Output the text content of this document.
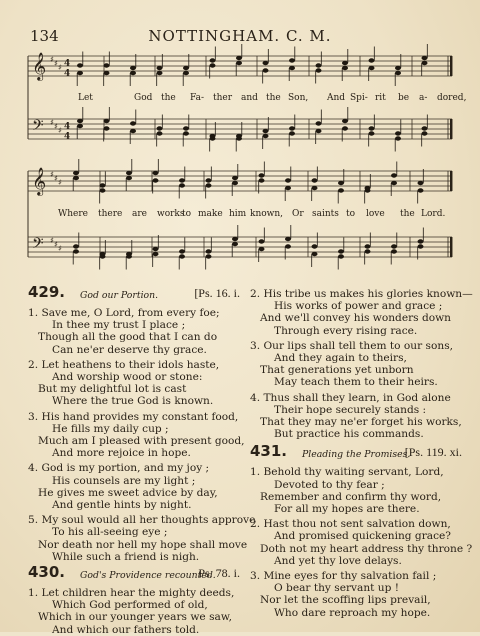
134	NOTTINGHAM. C. M.
𝄞
𝄢
♯ ♯ ♯ 4
4
♯ ♯ ♯ 4
4
𝄞
𝄢
♯ ♯ ♯
♯ ♯ ♯
Let	God the Fa- ther and the Son, And Spi- rit be a- dored,
Where there are works
to make him known, Or saints to love the Lord.
429. God our Portion.	[Ps. 16. i.
1. Save me, O Lord, from every foe;
In thee my trust I place ;
Though all the good that I can do
Can ne'er deserve thy grace.
2. Let heathens to their idols haste,
And worship wood or stone:
But my delightful lot is cast
Where the true God is known.
3. His hand provides my constant food,
He fills my daily cup ;
Much am I pleased with present good,
And more rejoice in hope.
4. God is my portion, and my joy ;
His counsels are my light ;
He gives me sweet advice by day,
And gentle hints by night.
5. My soul would all her thoughts approve
To his all-seeing eye ;
Nor death nor hell my hope shall move
While such a friend is nigh.
430. God's Providence recounted.
Ps. 78. i.
1. Let children hear the mighty deeds,
Which God performed of old,
Which in our younger years we saw,
And which our fathers told.
2. His tribe us makes his glories known—
His works of power and grace ;
And we'll convey his wonders down
Through every rising race.
3. Our lips shall tell them to our sons,
And they again to theirs,
That generations yet unborn
May teach them to their heirs.
4. Thus shall they learn, in God alone
Their hope securely stands :
That they may ne'er forget his works,
But practice his commands.
431. Pleading the Promises.
[Ps. 119. xi.
1. Behold thy waiting servant, Lord,
Devoted to thy fear ;
Remember and confirm thy word,
For all my hopes are there.
2. Hast thou not sent salvation down,
And promised quickening grace?
Doth not my heart address thy throne ?
And yet thy love delays.
3. Mine eyes for thy salvation fail ;
O bear thy servant up !
Nor let the scoffing lips prevail,
Who dare reproach my hope.
